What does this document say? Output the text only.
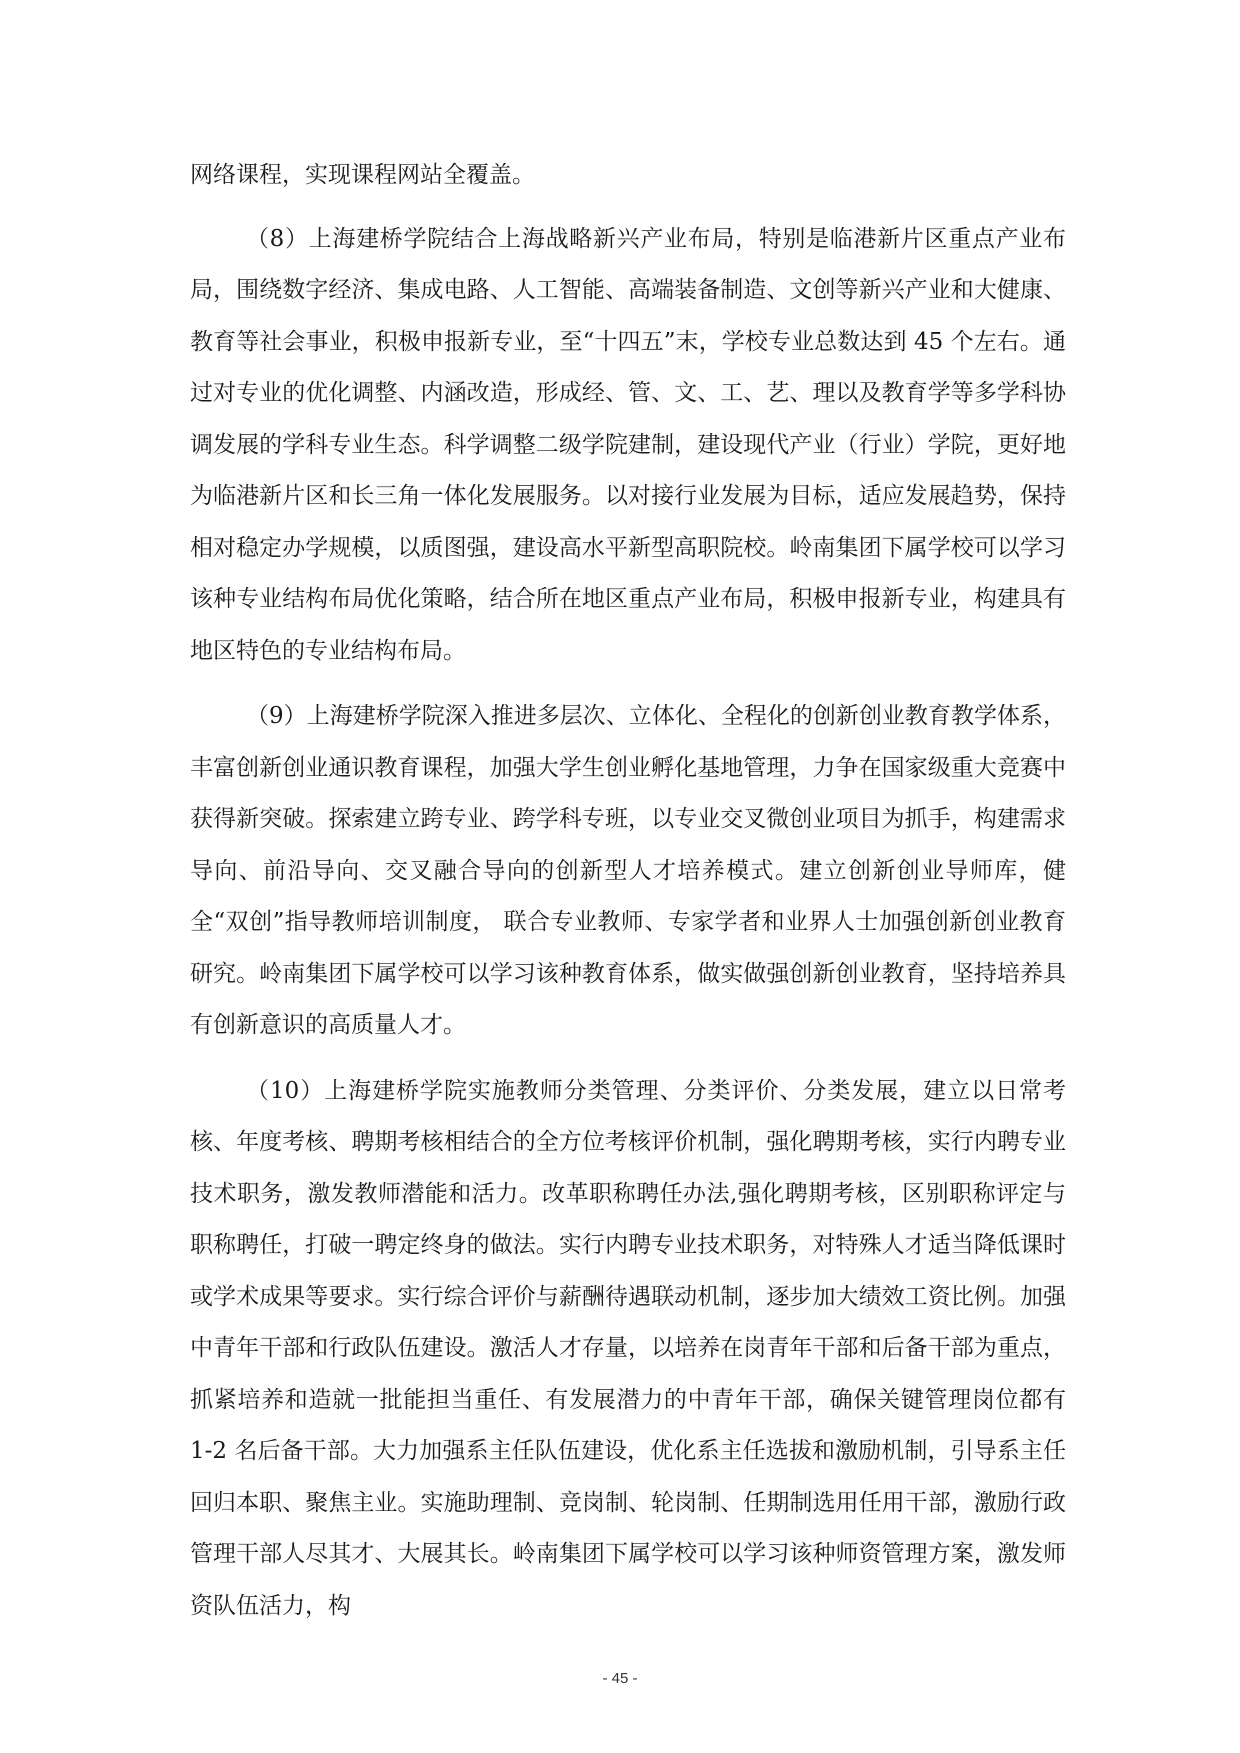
网络课程，实现课程网站全覆盖。

（8）上海建桥学院结合上海战略新兴产业布局，特别是临港新片区重点产业布局，围绕数字经济、集成电路、人工智能、高端装备制造、文创等新兴产业和大健康、教育等社会事业，积极申报新专业，至“十四五”末，学校专业总数达到 45 个左右。通过对专业的优化调整、内涵改造，形成经、管、文、工、艺、理以及教育学等多学科协调发展的学科专业生态。科学调整二级学院建制，建设现代产业（行业）学院，更好地为临港新片区和长三角一体化发展服务。以对接行业发展为目标，适应发展趋势，保持相对稳定办学规模，以质图强，建设高水平新型高职院校。岭南集团下属学校可以学习该种专业结构布局优化策略，结合所在地区重点产业布局，积极申报新专业，构建具有地区特色的专业结构布局。

（9）上海建桥学院深入推进多层次、立体化、全程化的创新创业教育教学体系，丰富创新创业通识教育课程，加强大学生创业孵化基地管理，力争在国家级重大竞赛中获得新突破。探索建立跨专业、跨学科专班，以专业交叉微创业项目为抓手，构建需求导向、前沿导向、交叉融合导向的创新型人才培养模式。建立创新创业导师库，健全“双创”指导教师培训制度， 联合专业教师、专家学者和业界人士加强创新创业教育研究。岭南集团下属学校可以学习该种教育体系，做实做强创新创业教育，坚持培养具有创新意识的高质量人才。

（10）上海建桥学院实施教师分类管理、分类评价、分类发展，建立以日常考核、年度考核、聘期考核相结合的全方位考核评价机制，强化聘期考核，实行内聘专业技术职务，激发教师潜能和活力。改革职称聘任办法,强化聘期考核，区别职称评定与职称聘任，打破一聘定终身的做法。实行内聘专业技术职务，对特殊人才适当降低课时或学术成果等要求。实行综合评价与薪酬待遇联动机制，逐步加大绩效工资比例。加强中青年干部和行政队伍建设。激活人才存量，以培养在岗青年干部和后备干部为重点，抓紧培养和造就一批能担当重任、有发展潜力的中青年干部，确保关键管理岗位都有 1-2 名后备干部。大力加强系主任队伍建设，优化系主任选拔和激励机制，引导系主任回归本职、聚焦主业。实施助理制、竞岗制、轮岗制、任期制选用任用干部，激励行政管理干部人尽其才、大展其长。岭南集团下属学校可以学习该种师资管理方案，激发师资队伍活力，构

- 45 -
